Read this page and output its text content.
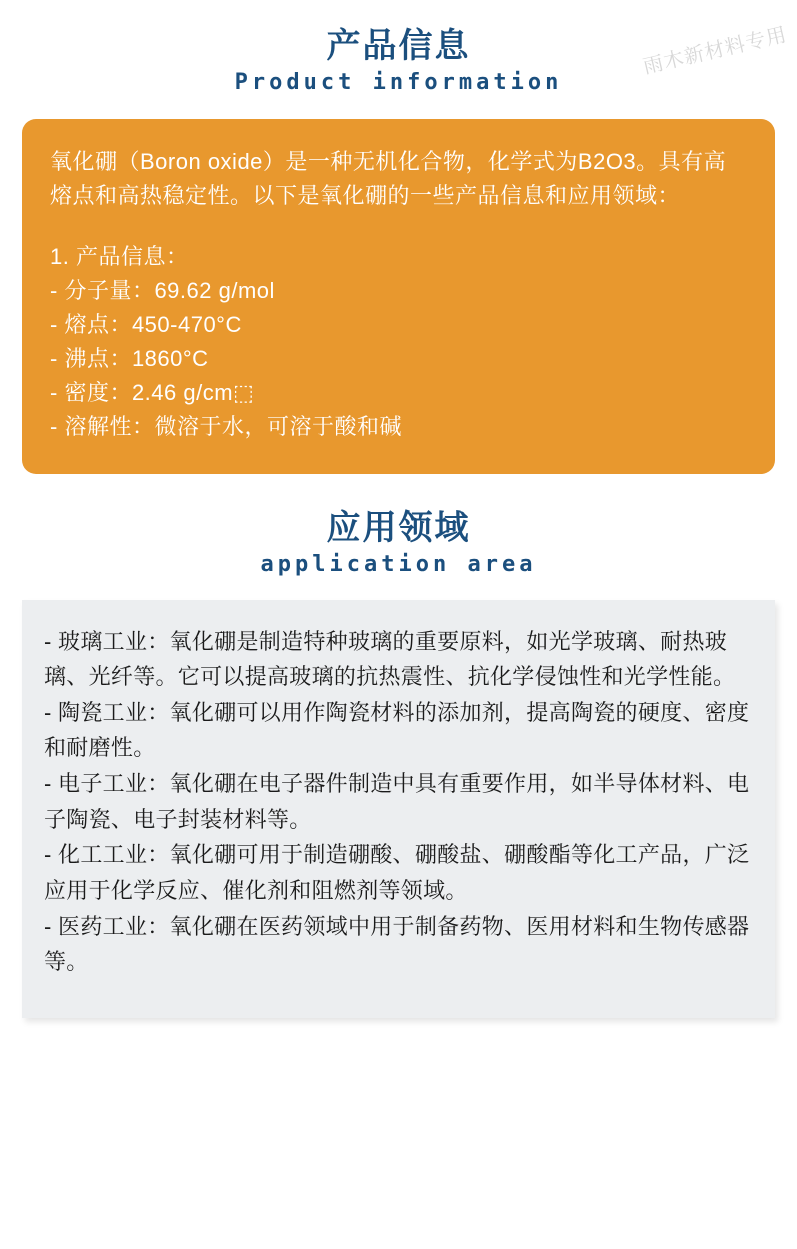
雨木新材料专用
产品信息
Product information

氧化硼（Boron oxide）是一种无机化合物，化学式为B2O3。具有高熔点和高热稳定性。以下是氧化硼的一些产品信息和应用领域：

1. 产品信息：

- 分子量：69.62 g/mol

- 熔点：450-470°C

- 沸点：1860°C

- 密度：2.46 g/cm⬚

- 溶解性：微溶于水，可溶于酸和碱

应用领域
application area

- 玻璃工业：氧化硼是制造特种玻璃的重要原料，如光学玻璃、耐热玻璃、光纤等。它可以提高玻璃的抗热震性、抗化学侵蚀性和光学性能。

- 陶瓷工业：氧化硼可以用作陶瓷材料的添加剂，提高陶瓷的硬度、密度和耐磨性。

- 电子工业：氧化硼在电子器件制造中具有重要作用，如半导体材料、电子陶瓷、电子封装材料等。

- 化工工业：氧化硼可用于制造硼酸、硼酸盐、硼酸酯等化工产品，广泛应用于化学反应、催化剂和阻燃剂等领域。

- 医药工业：氧化硼在医药领域中用于制备药物、医用材料和生物传感器等。
